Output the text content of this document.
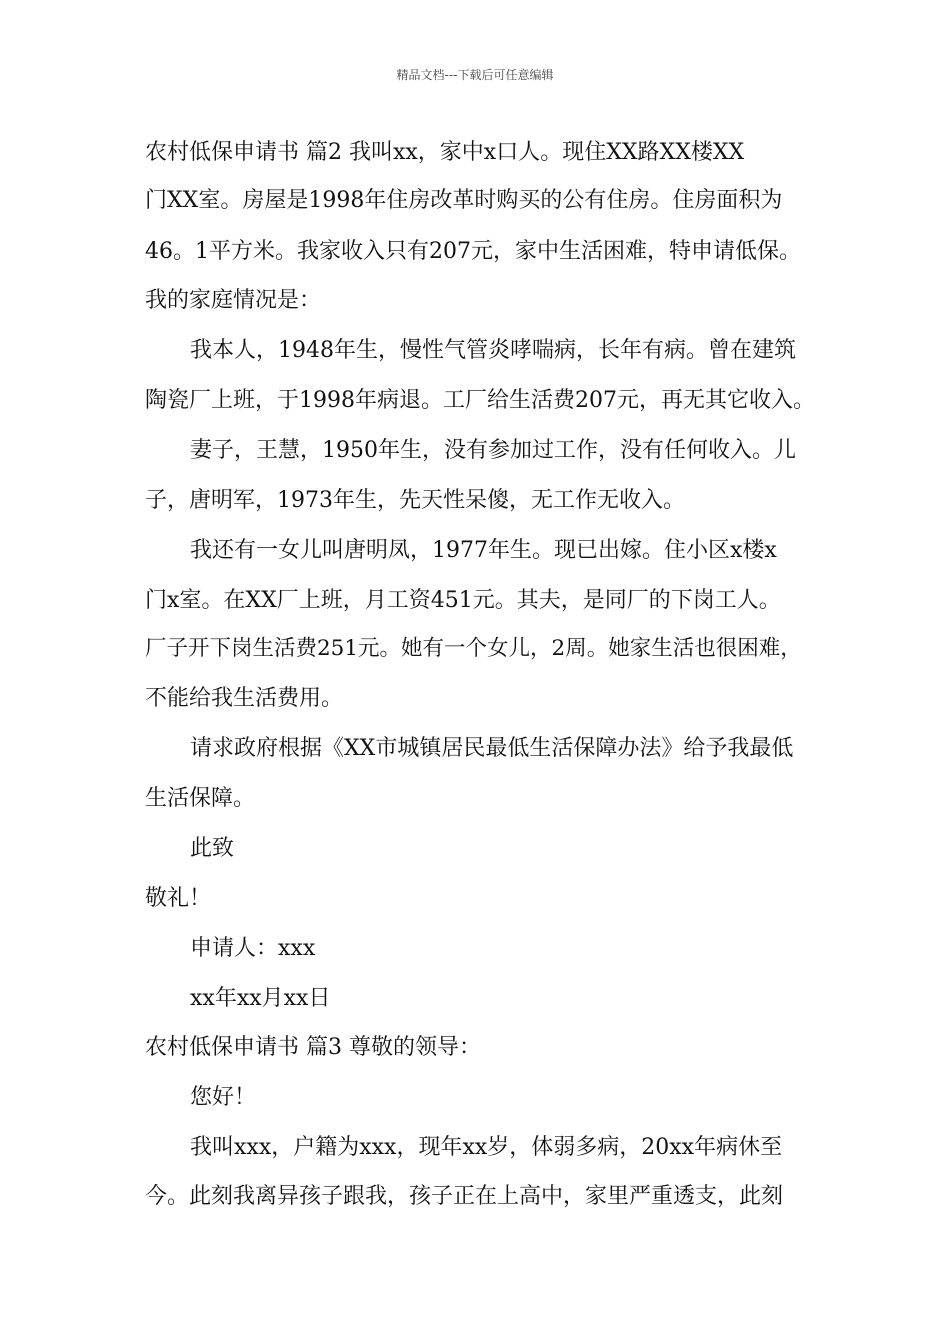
精品文档---下载后可任意编辑
农村低保申请书 篇2 我叫xx，家中x口人。现住XX路XX楼XX
门XX室。房屋是1998年住房改革时购买的公有住房。住房面积为
46。1平方米。我家收入只有207元，家中生活困难，特申请低保。
我的家庭情况是：
我本人，1948年生，慢性气管炎哮喘病，长年有病。曾在建筑
陶瓷厂上班，于1998年病退。工厂给生活费207元，再无其它收入。
妻子，王慧，1950年生，没有参加过工作，没有任何收入。儿
子，唐明军，1973年生，先天性呆傻，无工作无收入。
我还有一女儿叫唐明凤，1977年生。现已出嫁。住小区x楼x
门x室。在XX厂上班，月工资451元。其夫，是同厂的下岗工人。
厂子开下岗生活费251元。她有一个女儿，2周。她家生活也很困难，
不能给我生活费用。
请求政府根据《XX市城镇居民最低生活保障办法》给予我最低
生活保障。
此致
敬礼！
申请人：xxx
xx年xx月xx日
农村低保申请书 篇3 尊敬的领导：
您好！
我叫xxx，户籍为xxx，现年xx岁，体弱多病，20xx年病休至
今。此刻我离异孩子跟我，孩子正在上高中，家里严重透支，此刻
